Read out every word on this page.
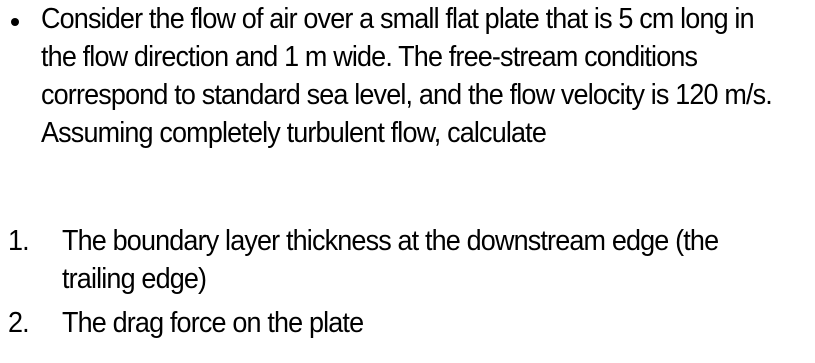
Consider the flow of air over a small flat plate that is 5 cm long in the flow direction and 1 m wide. The free-stream conditions correspond to standard sea level, and the flow velocity is 120 m/s. Assuming completely turbulent flow, calculate
1. The boundary layer thickness at the downstream edge (the trailing edge)
2. The drag force on the plate
